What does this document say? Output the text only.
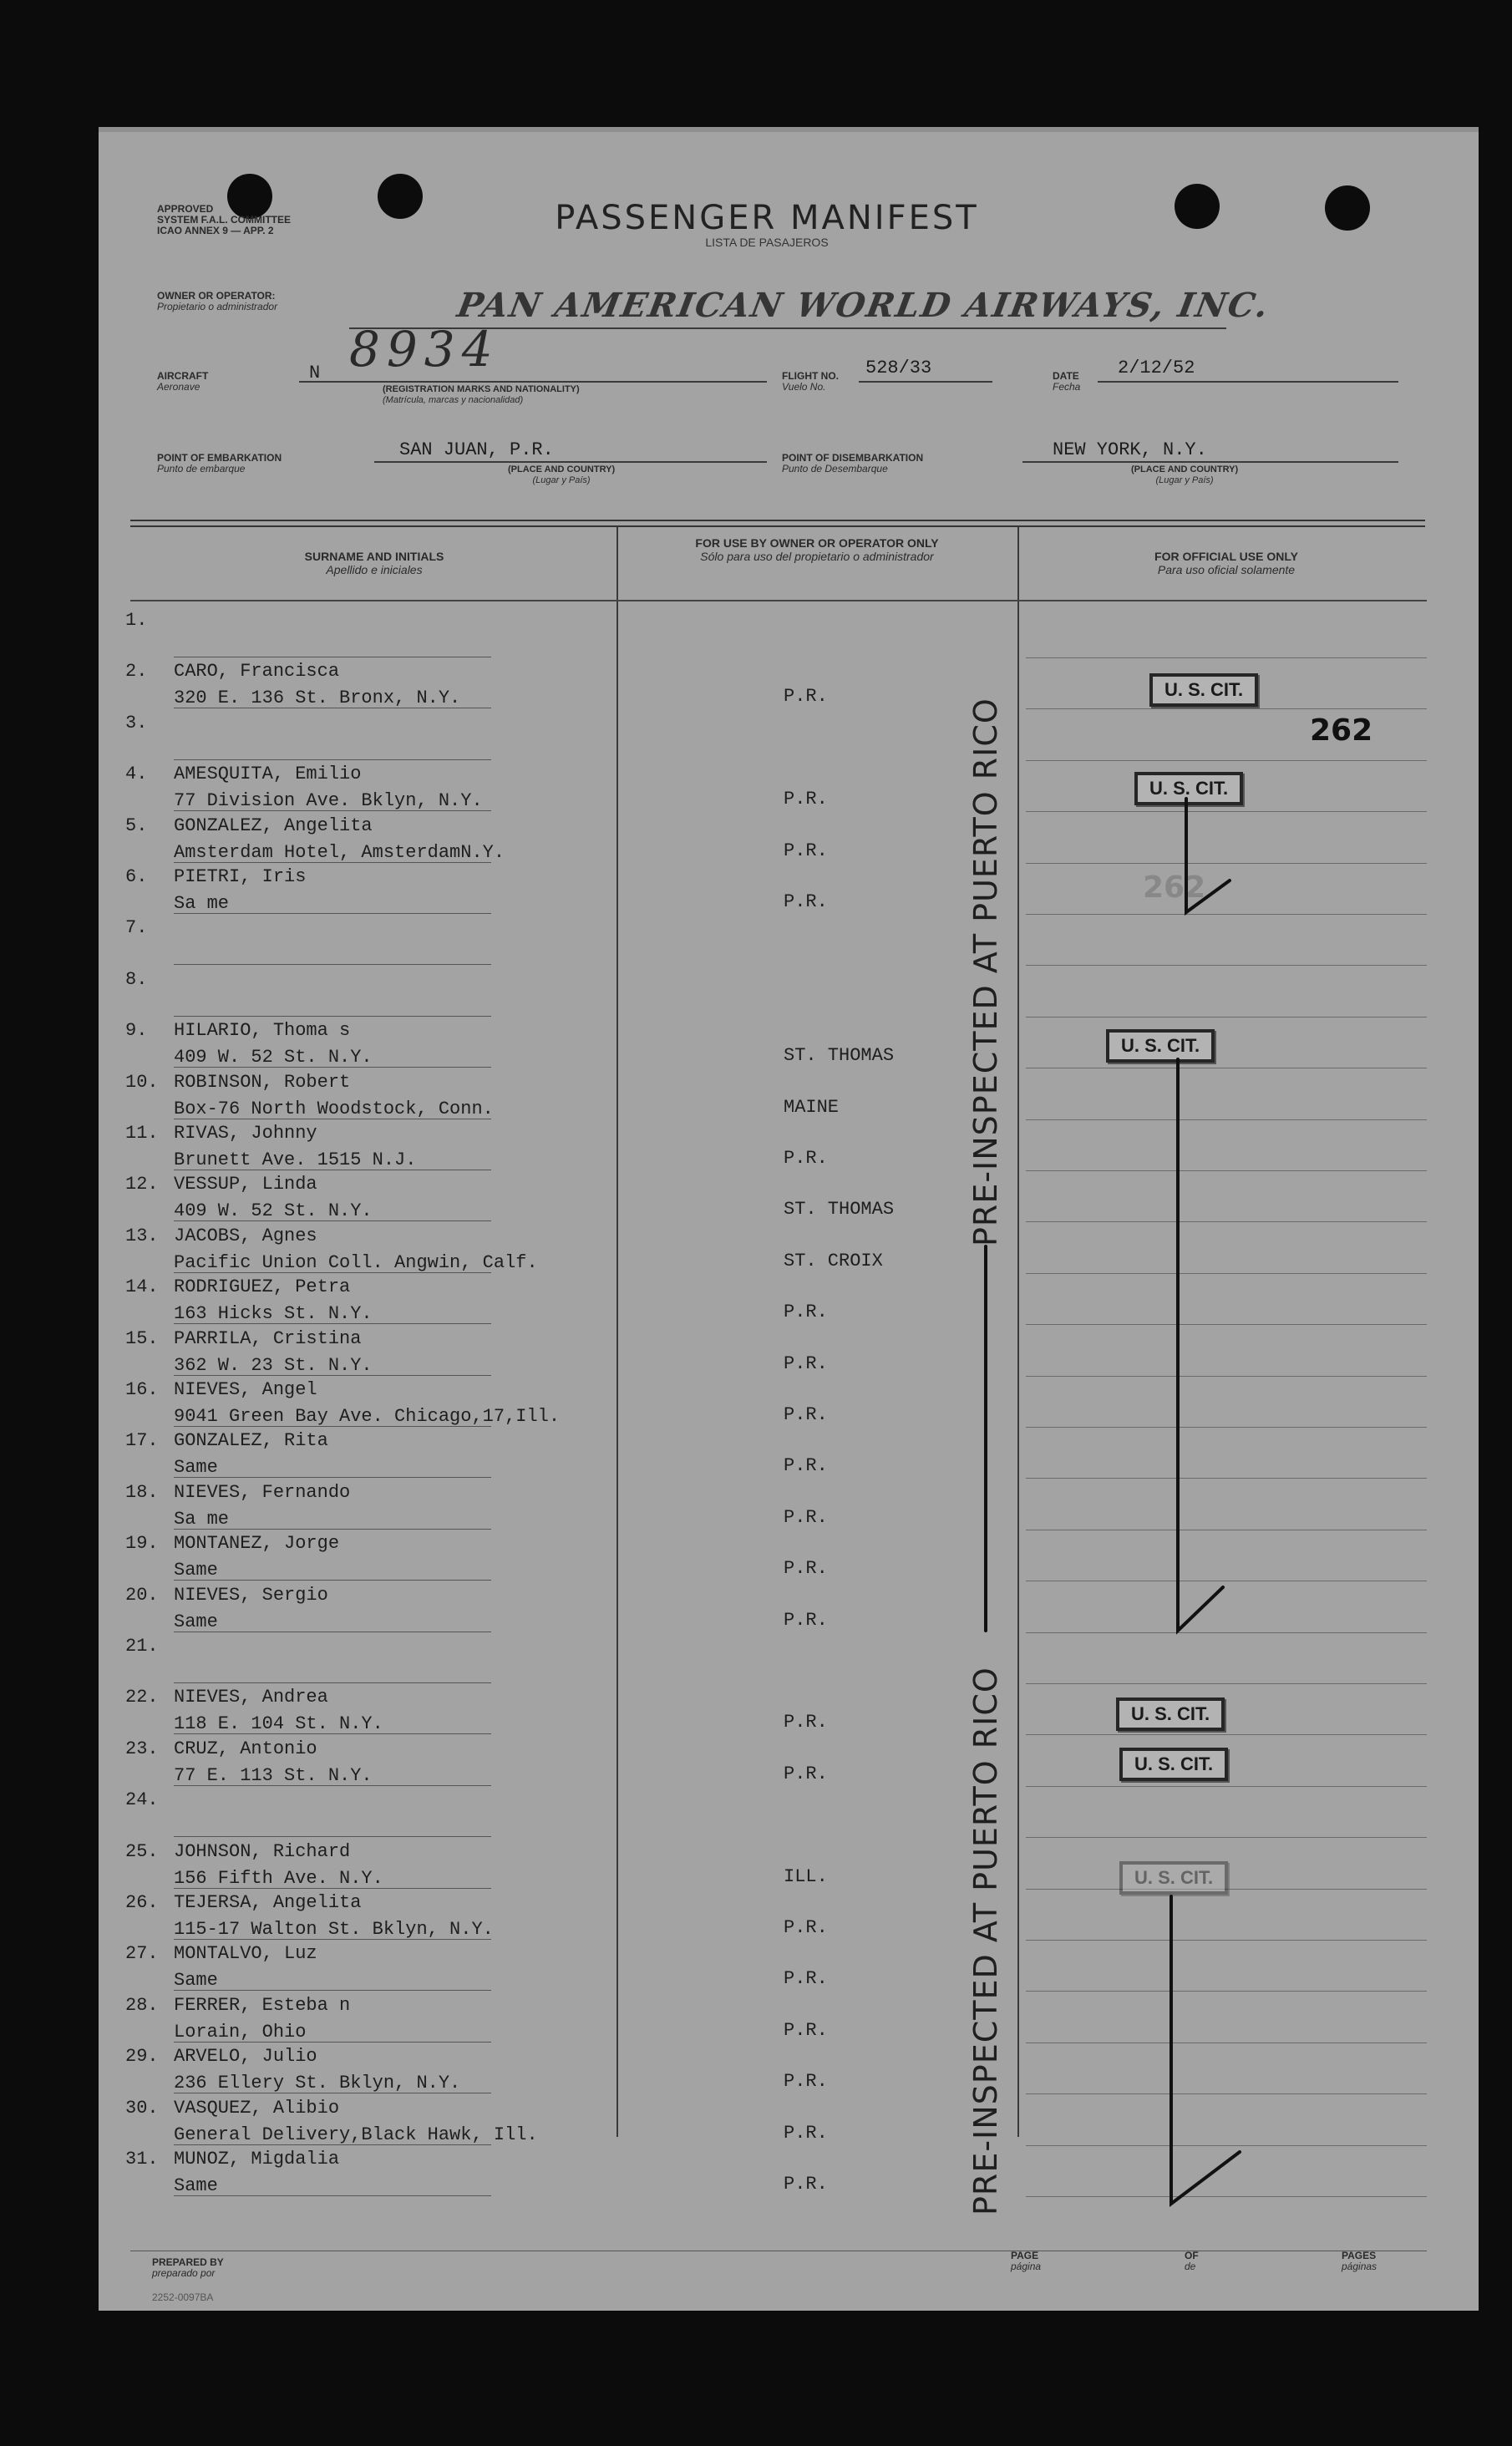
APPROVED
SYSTEM F.A.L. COMMITTEE
ICAO ANNEX 9 — APP. 2	PASSENGER MANIFEST
LISTA DE PASAJEROS
OWNER OR OPERATOR:
Propietario o administrador	PAN AMERICAN WORLD AIRWAYS, INC.
AIRCRAFT
Aeronave
N 8934
(REGISTRATION MARKS AND NATIONALITY)
(Matrícula, marcas y nacionalidad)
FLIGHT NO.
Vuelo No.
528/33	DATE
Fecha
2/12/52
POINT OF EMBARKATION
Punto de embarque
SAN JUAN, P.R.
(PLACE AND COUNTRY)
(Lugar y País)
POINT OF DISEMBARKATION
Punto de Desembarque
NEW YORK, N.Y.
(PLACE AND COUNTRY)
(Lugar y País)
SURNAME AND INITIALS
Apellido e iniciales
FOR USE BY OWNER OR OPERATOR ONLY
Sólo para uso del propietario o administrador	FOR OFFICIAL USE ONLY
Para uso oficial solamente
1.
2. CARO, Francisca
320 E. 136 St. Bronx, N.Y.	P.R.
3.
4. AMESQUITA, Emilio
77 Division Ave. Bklyn, N.Y.	P.R.
5. GONZALEZ, Angelita
Amsterdam Hotel, AmsterdamN.Y.	P.R.
6. PIETRI, Iris
Sa me	P.R.
7.
8.
9. HILARIO, Thoma s
409 W. 52 St. N.Y.	ST. THOMAS
10. ROBINSON, Robert
Box-76 North Woodstock, Conn.	MAINE
11. RIVAS, Johnny
Brunett Ave. 1515 N.J.	P.R.
12. VESSUP, Linda
409 W. 52 St. N.Y.	ST. THOMAS
13. JACOBS, Agnes
Pacific Union Coll. Angwin, Calf.	ST. CROIX
14. RODRIGUEZ, Petra
163 Hicks St. N.Y.	P.R.
15. PARRILA, Cristina
362 W. 23 St. N.Y.	P.R.
16. NIEVES, Angel
9041 Green Bay Ave. Chicago,17,Ill.	P.R.
17. GONZALEZ, Rita
Same	P.R.
18. NIEVES, Fernando
Sa me	P.R.
19. MONTANEZ, Jorge
Same	P.R.
20. NIEVES, Sergio
Same	P.R.
21.
22. NIEVES, Andrea
118 E. 104 St. N.Y.	P.R.
23. CRUZ, Antonio
77 E. 113 St. N.Y.	P.R.
24.
25. JOHNSON, Richard
156 Fifth Ave. N.Y.	ILL.
26. TEJERSA, Angelita
115-17 Walton St. Bklyn, N.Y.	P.R.
27. MONTALVO, Luz
Same	P.R.
28. FERRER, Esteba n
Lorain, Ohio	P.R.
29. ARVELO, Julio
236 Ellery St. Bklyn, N.Y.	P.R.
30. VASQUEZ, Alibio
General Delivery,Black Hawk, Ill.	P.R.
31. MUNOZ, Migdalia
Same	P.R.
PRE-INSPECTED AT PUERTO RICO
PRE-INSPECTED AT PUERTO RICO
U. S. CIT.
U. S. CIT.
U. S. CIT.
U. S. CIT.
U. S. CIT.
U. S. CIT.
262
262
PREPARED BY
preparado por
PAGE
página
OF
de
PAGES
páginas
2252-0097BA
